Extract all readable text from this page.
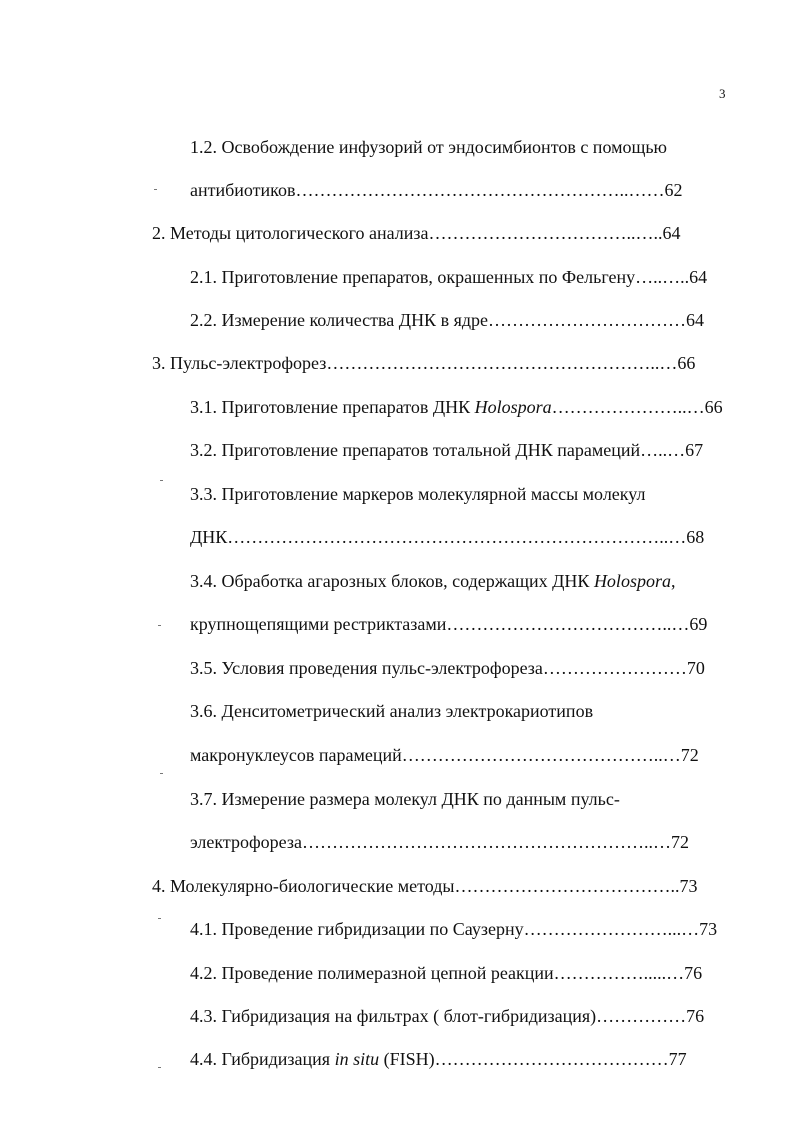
3
1.2. Освобождение инфузорий от эндосимбионтов с помощью
антибиотиков………………………………………………..……62
2. Методы цитологического анализа……………………………..…..64
2.1. Приготовление препаратов, окрашенных по Фельгену…..…..64
2.2. Измерение количества ДНК в ядре……………………………64
3. Пульс-электрофорез………………………………………………..…66
3.1. Приготовление препаратов ДНК Holospora…………………..…66
3.2. Приготовление препаратов тотальной ДНК парамеций…..…67
3.3. Приготовление маркеров молекулярной массы молекул
ДНК………………………………………………………………..…68
3.4. Обработка агарозных блоков, содержащих ДНК Holospora,
крупнощепящими рестриктазами………………………………..…69
3.5. Условия проведения пульс-электрофореза……………………70
3.6. Денситометрический анализ электрокариотипов
макронуклеусов парамеций……………………………………..…72
3.7. Измерение размера молекул ДНК по данным пульс-
электрофореза…………………………………………………..…72
4. Молекулярно-биологические методы………………………………..73
4.1. Проведение гибридизации по Саузерну……………………...…73
4.2. Проведение полимеразной цепной реакции…………….....…76
4.3. Гибридизация на фильтрах ( блот-гибридизация)……………76
4.4. Гибридизация in situ (FISH)…………………………………77
